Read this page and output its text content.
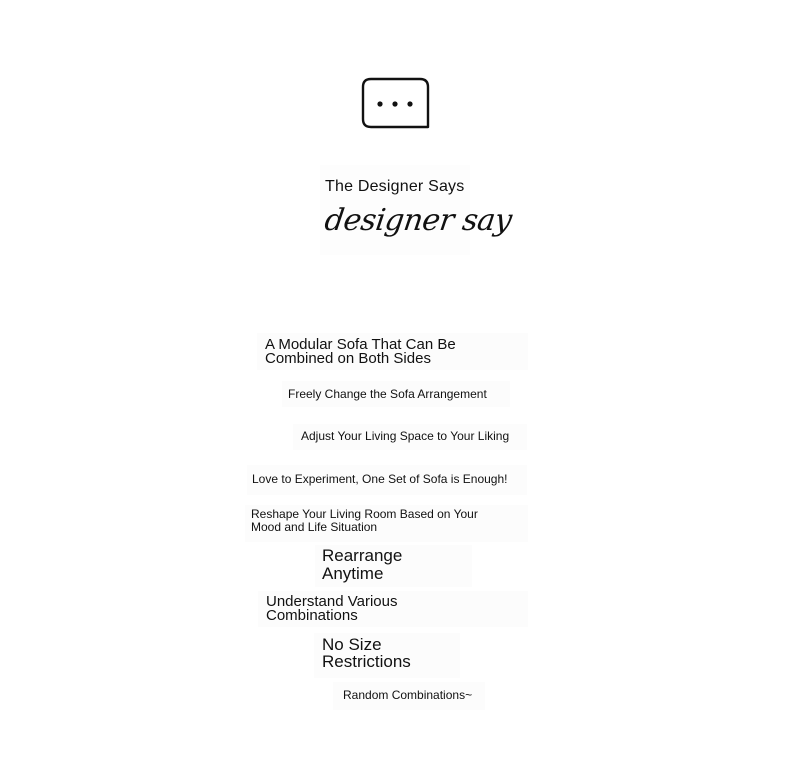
The Designer Says
designer say
A Modular Sofa That Can Be Combined on Both Sides
Freely Change the Sofa Arrangement
Adjust Your Living Space to Your Liking
Love to Experiment, One Set of Sofa is Enough!
Reshape Your Living Room Based on Your Mood and Life Situation
Rearrange Anytime
Understand Various Combinations
No Size Restrictions
Random Combinations~
